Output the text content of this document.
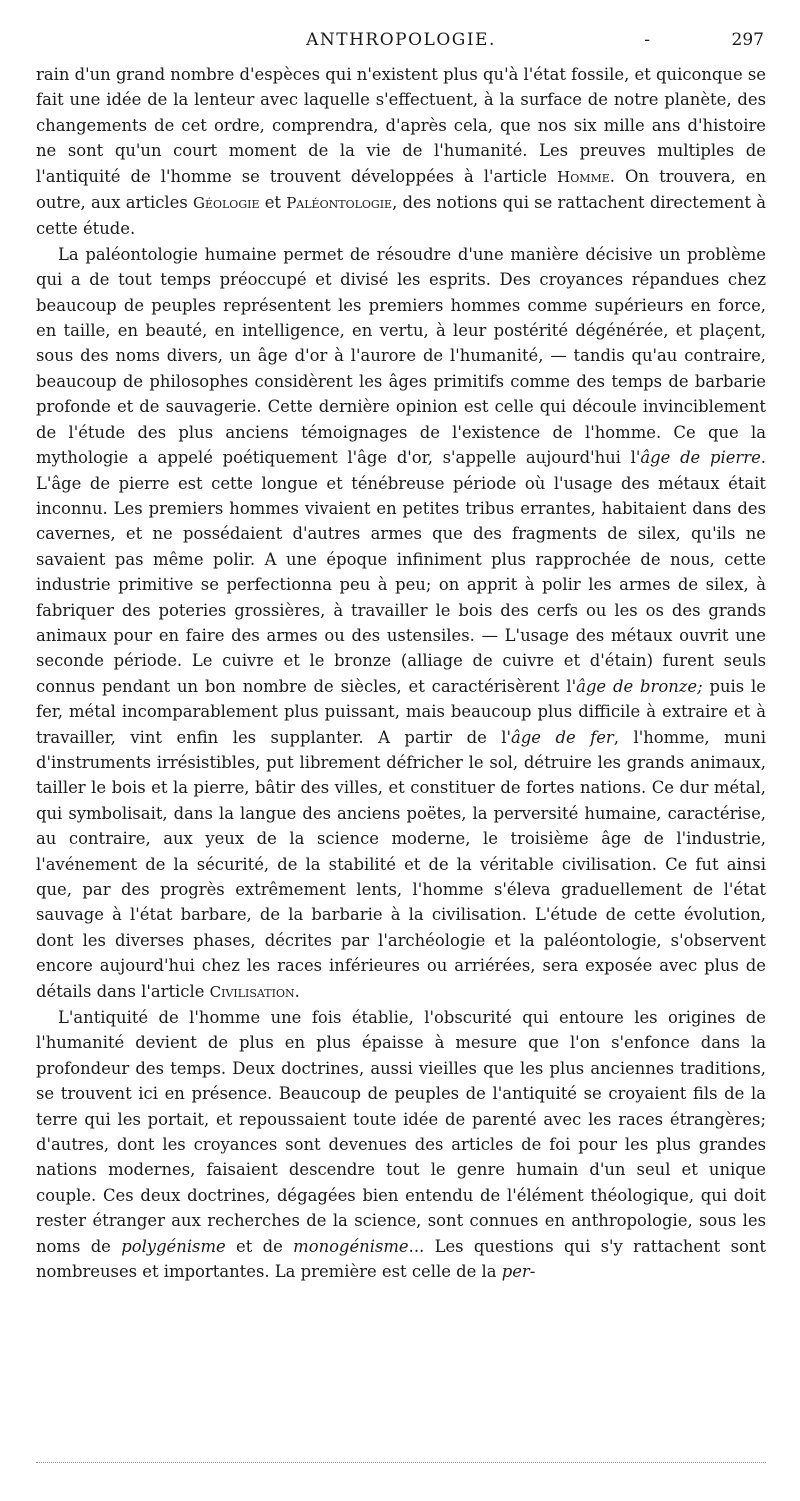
ANTHROPOLOGIE.	-	297

rain d'un grand nombre d'espèces qui n'existent plus qu'à l'état fossile, et quiconque se fait une idée de la lenteur avec laquelle s'effectuent, à la surface de notre planète, des changements de cet ordre, comprendra, d'après cela, que nos six mille ans d'histoire ne sont qu'un court moment de la vie de l'humanité. Les preuves multiples de l'antiquité de l'homme se trouvent développées à l'article Homme. On trouvera, en outre, aux articles Géologie et Paléontologie, des notions qui se rattachent directement à cette étude.

La paléontologie humaine permet de résoudre d'une manière décisive un problème qui a de tout temps préoccupé et divisé les esprits. Des croyances répandues chez beaucoup de peuples représentent les premiers hommes comme supérieurs en force, en taille, en beauté, en intelligence, en vertu, à leur postérité dégénérée, et plaçent, sous des noms divers, un âge d'or à l'aurore de l'humanité, — tandis qu'au contraire, beaucoup de philosophes considèrent les âges primitifs comme des temps de barbarie profonde et de sauvagerie. Cette dernière opinion est celle qui découle invinciblement de l'étude des plus anciens témoignages de l'existence de l'homme. Ce que la mythologie a appelé poétiquement l'âge d'or, s'appelle aujourd'hui l'âge de pierre. L'âge de pierre est cette longue et ténébreuse période où l'usage des métaux était inconnu. Les premiers hommes vivaient en petites tribus errantes, habitaient dans des cavernes, et ne possédaient d'autres armes que des fragments de silex, qu'ils ne savaient pas même polir. A une époque infiniment plus rapprochée de nous, cette industrie primitive se perfectionna peu à peu; on apprit à polir les armes de silex, à fabriquer des poteries grossières, à travailler le bois des cerfs ou les os des grands animaux pour en faire des armes ou des ustensiles. — L'usage des métaux ouvrit une seconde période. Le cuivre et le bronze (alliage de cuivre et d'étain) furent seuls connus pendant un bon nombre de siècles, et caractérisèrent l'âge de bronze; puis le fer, métal incomparablement plus puissant, mais beaucoup plus difficile à extraire et à travailler, vint enfin les supplanter. A partir de l'âge de fer, l'homme, muni d'instruments irrésistibles, put librement défricher le sol, détruire les grands animaux, tailler le bois et la pierre, bâtir des villes, et constituer de fortes nations. Ce dur métal, qui symbolisait, dans la langue des anciens poëtes, la perversité humaine, caractérise, au contraire, aux yeux de la science moderne, le troisième âge de l'industrie, l'avénement de la sécurité, de la stabilité et de la véritable civilisation. Ce fut ainsi que, par des progrès extrêmement lents, l'homme s'éleva graduellement de l'état sauvage à l'état barbare, de la barbarie à la civilisation. L'étude de cette évolution, dont les diverses phases, décrites par l'archéologie et la paléontologie, s'observent encore aujourd'hui chez les races inférieures ou arriérées, sera exposée avec plus de détails dans l'article Civilisation.

L'antiquité de l'homme une fois établie, l'obscurité qui entoure les origines de l'humanité devient de plus en plus épaisse à mesure que l'on s'enfonce dans la profondeur des temps. Deux doctrines, aussi vieilles que les plus anciennes traditions, se trouvent ici en présence. Beaucoup de peuples de l'antiquité se croyaient fils de la terre qui les portait, et repoussaient toute idée de parenté avec les races étrangères; d'autres, dont les croyances sont devenues des articles de foi pour les plus grandes nations modernes, faisaient descendre tout le genre humain d'un seul et unique couple. Ces deux doctrines, dégagées bien entendu de l'élément théologique, qui doit rester étranger aux recherches de la science, sont connues en anthropologie, sous les noms de polygénisme et de monogénisme... Les questions qui s'y rattachent sont nombreuses et importantes. La première est celle de la per-
